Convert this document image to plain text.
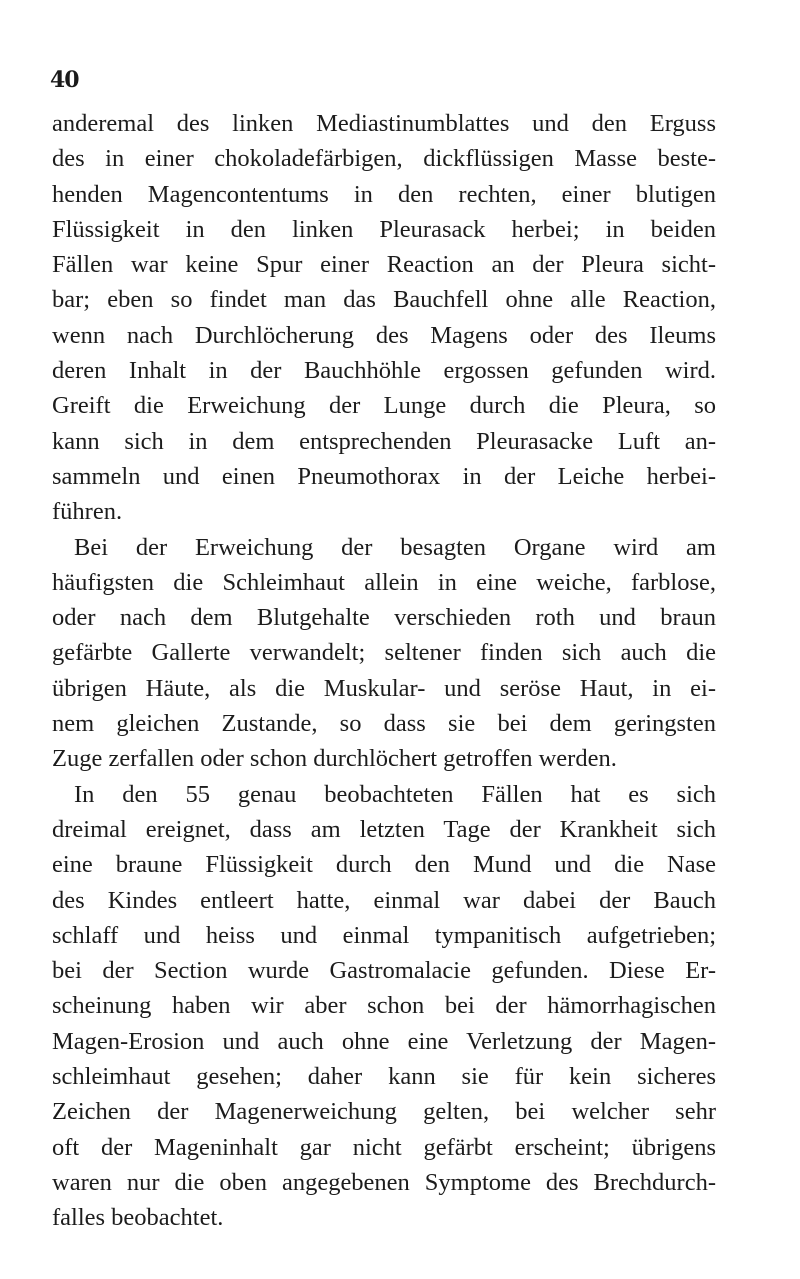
40
anderemal des linken Mediastinumblattes und den Erguss
des in einer chokoladefärbigen, dickflüssigen Masse beste-
henden Magencontentums in den rechten, einer blutigen
Flüssigkeit in den linken Pleurasack herbei; in beiden
Fällen war keine Spur einer Reaction an der Pleura sicht-
bar; eben so findet man das Bauchfell ohne alle Reaction,
wenn nach Durchlöcherung des Magens oder des Ileums
deren Inhalt in der Bauchhöhle ergossen gefunden wird.
Greift die Erweichung der Lunge durch die Pleura, so
kann sich in dem entsprechenden Pleurasacke Luft an-
sammeln und einen Pneumothorax in der Leiche herbei-
führen.
Bei der Erweichung der besagten Organe wird am
häufigsten die Schleimhaut allein in eine weiche, farblose,
oder nach dem Blutgehalte verschieden roth und braun
gefärbte Gallerte verwandelt; seltener finden sich auch die
übrigen Häute, als die Muskular- und seröse Haut, in ei-
nem gleichen Zustande, so dass sie bei dem geringsten
Zuge zerfallen oder schon durchlöchert getroffen werden.
In den 55 genau beobachteten Fällen hat es sich
dreimal ereignet, dass am letzten Tage der Krankheit sich
eine braune Flüssigkeit durch den Mund und die Nase
des Kindes entleert hatte, einmal war dabei der Bauch
schlaff und heiss und einmal tympanitisch aufgetrieben;
bei der Section wurde Gastromalacie gefunden. Diese Er-
scheinung haben wir aber schon bei der hämorrhagischen
Magen-Erosion und auch ohne eine Verletzung der Magen-
schleimhaut gesehen; daher kann sie für kein sicheres
Zeichen der Magenerweichung gelten, bei welcher sehr
oft der Mageninhalt gar nicht gefärbt erscheint; übrigens
waren nur die oben angegebenen Symptome des Brechdurch-
falles beobachtet.
